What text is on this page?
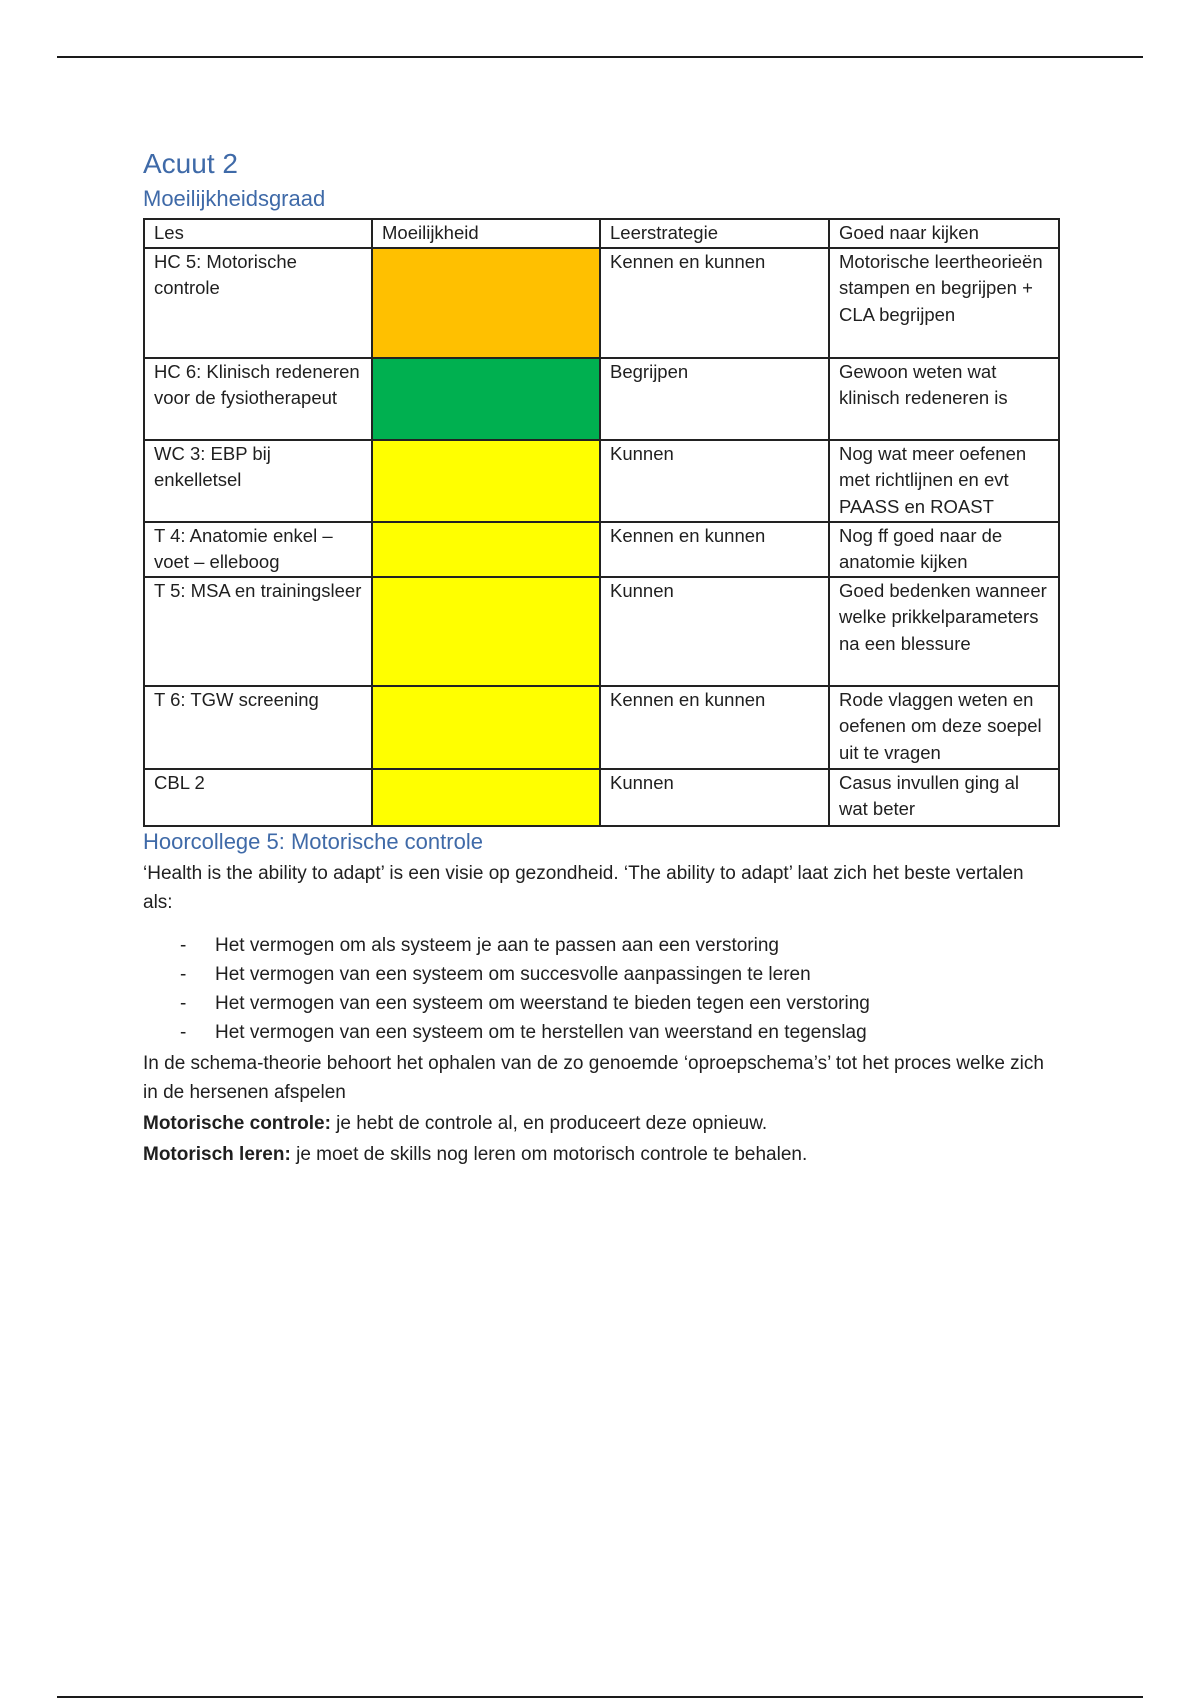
Acuut 2
Moeilijkheidsgraad
Les	Moeilijkheid	Leerstrategie	Goed naar kijken
HC 5: Motorische controle		Kennen en kunnen	Motorische leertheorieën stampen en begrijpen + CLA begrijpen
HC 6: Klinisch redeneren voor de fysiotherapeut		Begrijpen	Gewoon weten wat klinisch redeneren is
WC 3: EBP bij enkelletsel		Kunnen	Nog wat meer oefenen met richtlijnen en evt PAASS en ROAST
T 4: Anatomie enkel – voet – elleboog		Kennen en kunnen	Nog ff goed naar de anatomie kijken
T 5: MSA en trainingsleer		Kunnen	Goed bedenken wanneer welke prikkelparameters na een blessure
T 6: TGW screening		Kennen en kunnen	Rode vlaggen weten en oefenen om deze soepel uit te vragen
CBL 2		Kunnen	Casus invullen ging al wat beter
Hoorcollege 5: Motorische controle

‘Health is the ability to adapt’ is een visie op gezondheid. ‘The ability to adapt’ laat zich het beste vertalen als:

- Het vermogen om als systeem je aan te passen aan een verstoring
- Het vermogen van een systeem om succesvolle aanpassingen te leren
- Het vermogen van een systeem om weerstand te bieden tegen een verstoring
- Het vermogen van een systeem om te herstellen van weerstand en tegenslag

In de schema-theorie behoort het ophalen van de zo genoemde ‘oproepschema’s’ tot het proces welke zich in de hersenen afspelen

Motorische controle: je hebt de controle al, en produceert deze opnieuw.

Motorisch leren: je moet de skills nog leren om motorisch controle te behalen.
